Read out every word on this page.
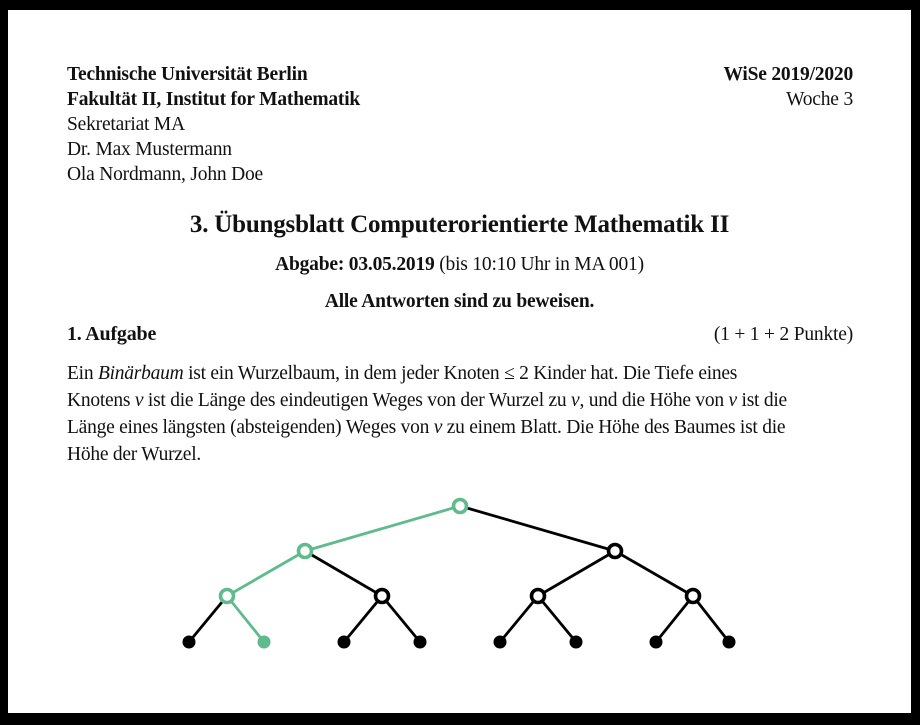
Technische Universität Berlin
Fakultät II, Institut for Mathematik
Sekretariat MA
Dr. Max Mustermann
Ola Nordmann, John Doe
WiSe 2019/2020
Woche 3
3. Übungsblatt Computerorientierte Mathematik II
Abgabe: 03.05.2019 (bis 10:10 Uhr in MA 001)
Alle Antworten sind zu beweisen.
1. Aufgabe	(1 + 1 + 2 Punkte)
Ein Binärbaum ist ein Wurzelbaum, in dem jeder Knoten ≤ 2 Kinder hat. Die Tiefe eines
Knotens v ist die Länge des eindeutigen Weges von der Wurzel zu v, und die Höhe von v ist die
Länge eines längsten (absteigenden) Weges von v zu einem Blatt. Die Höhe des Baumes ist die
Höhe der Wurzel.
